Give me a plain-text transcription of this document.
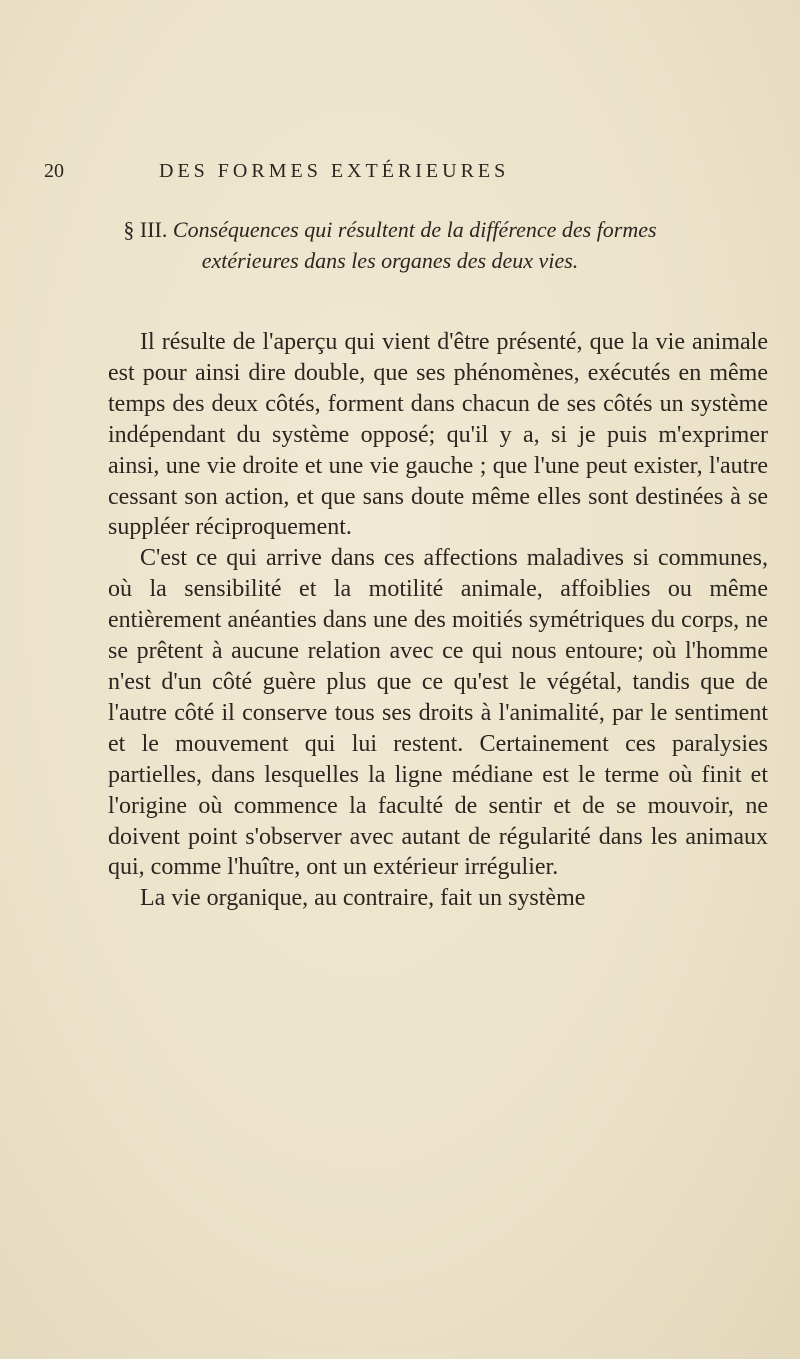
20	DES FORMES EXTÉRIEURES
§ III. Conséquences qui résultent de la différence des formes extérieures dans les organes des deux vies.

Il résulte de l'aperçu qui vient d'être présenté, que la vie animale est pour ainsi dire double, que ses phénomènes, exécutés en même temps des deux côtés, forment dans chacun de ses côtés un système indépendant du système opposé; qu'il y a, si je puis m'exprimer ainsi, une vie droite et une vie gauche ; que l'une peut exister, l'autre cessant son action, et que sans doute même elles sont destinées à se suppléer réciproquement.

C'est ce qui arrive dans ces affections maladives si communes, où la sensibilité et la motilité animale, affoiblies ou même entièrement anéanties dans une des moitiés symétriques du corps, ne se prêtent à aucune relation avec ce qui nous entoure; où l'homme n'est d'un côté guère plus que ce qu'est le végétal, tandis que de l'autre côté il conserve tous ses droits à l'animalité, par le sentiment et le mouvement qui lui restent. Certainement ces paralysies partielles, dans lesquelles la ligne médiane est le terme où finit et l'origine où commence la faculté de sentir et de se mouvoir, ne doivent point s'observer avec autant de régularité dans les animaux qui, comme l'huître, ont un extérieur irrégulier.

La vie organique, au contraire, fait un système
